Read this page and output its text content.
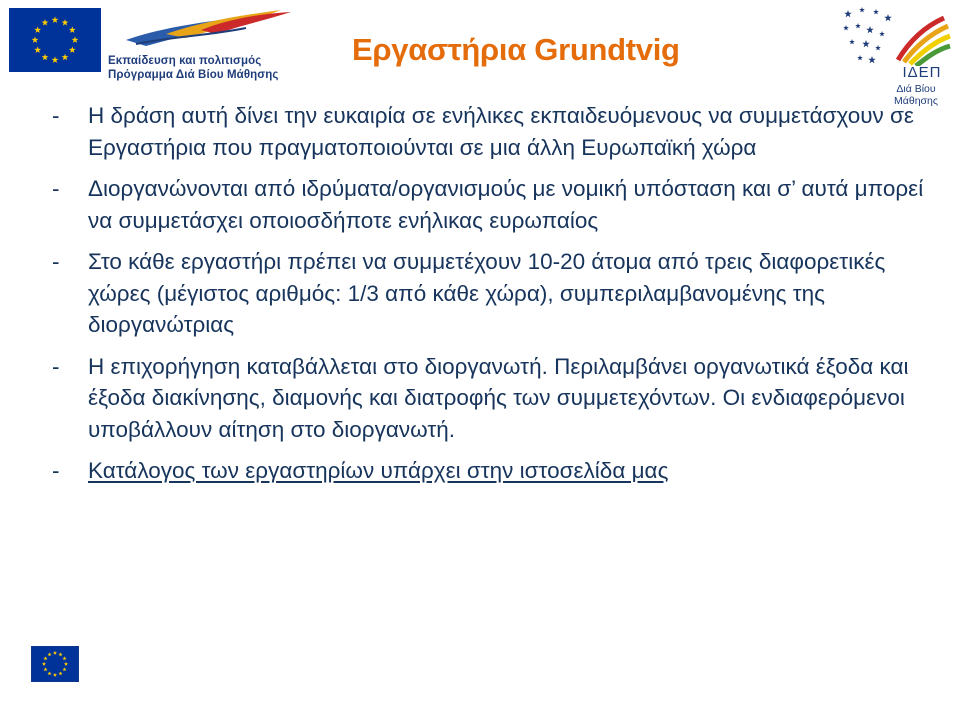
Εκπαίδευση και πολιτισμός
Πρόγραμμα Διά Βίου Μάθησης
Εργαστήρια Grundtvig
ΙΔΕΠ
Διά Βίου Μάθησης
-	Η δράση αυτή δίνει την ευκαιρία σε ενήλικες εκπαιδευόμενους να συμμετάσχουν σε Εργαστήρια που πραγματοποιούνται σε μια άλλη Ευρωπαϊκή χώρα
-	Διοργανώνονται από ιδρύματα/οργανισμούς με νομική υπόσταση και σ’ αυτά μπορεί να συμμετάσχει οποιοσδήποτε ενήλικας ευρωπαίος
-	Στο κάθε εργαστήρι πρέπει να συμμετέχουν 10-20 άτομα από τρεις διαφορετικές χώρες (μέγιστος αριθμός: 1/3 από κάθε χώρα), συμπεριλαμβανομένης της διοργανώτριας
-	Η επιχορήγηση καταβάλλεται στο διοργανωτή. Περιλαμβάνει οργανωτικά έξοδα και έξοδα διακίνησης, διαμονής και διατροφής των συμμετεχόντων. Οι ενδιαφερόμενοι υποβάλλουν αίτηση στο διοργανωτή.
-	Κατάλογος των εργαστηρίων υπάρχει στην ιστοσελίδα μας
